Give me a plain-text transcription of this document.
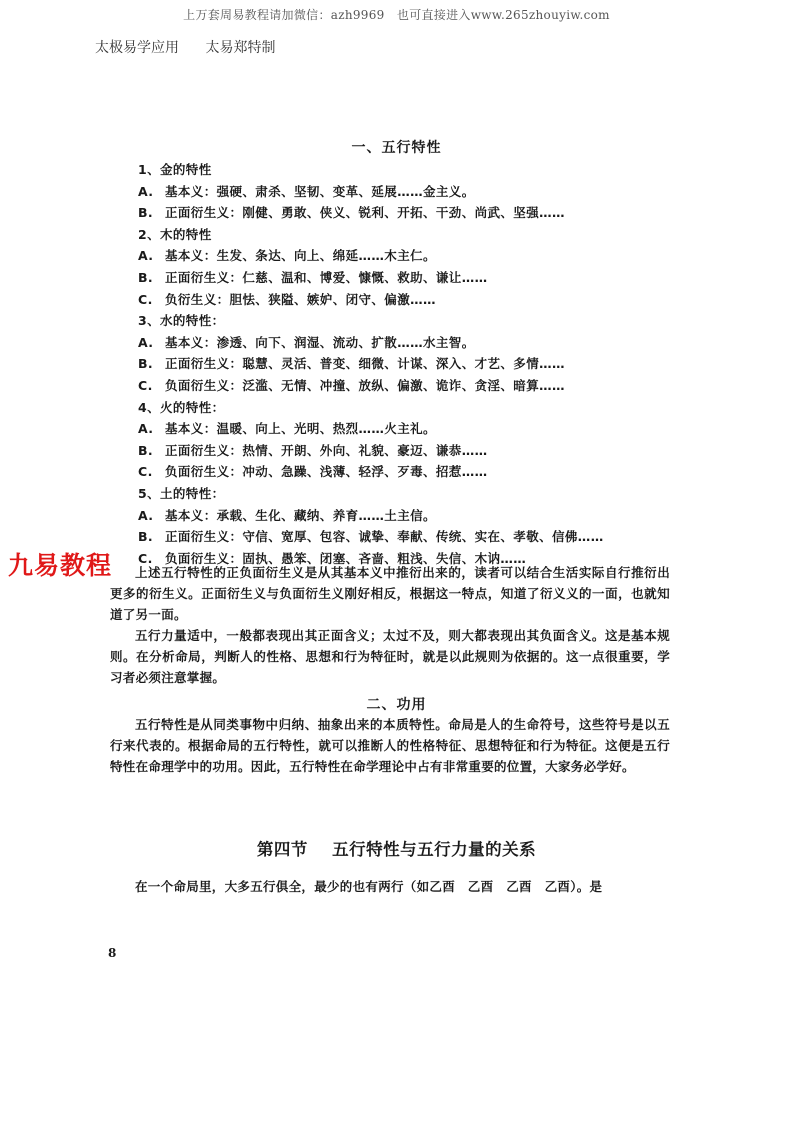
上万套周易教程请加微信：azh9969　也可直接进入www.265zhouyiw.com
太极易学应用 太易郑特制
一、五行特性
1、金的特性
A. 基本义：强硬、肃杀、坚韧、变革、延展……金主义。
B. 正面衍生义：刚健、勇敢、侠义、锐利、开拓、干劲、尚武、坚强……
2、木的特性
A. 基本义：生发、条达、向上、绵延……木主仁。
B. 正面衍生义：仁慈、温和、博爱、慷慨、救助、谦让……
C. 负衍生义：胆怯、狭隘、嫉妒、闭守、偏激……
3、水的特性：
A. 基本义：渗透、向下、润湿、流动、扩散……水主智。
B. 正面衍生义：聪慧、灵活、普变、细微、计谋、深入、才艺、多情……
C. 负面衍生义：泛滥、无情、冲撞、放纵、偏激、诡诈、贪淫、暗算……
4、火的特性：
A. 基本义：温暖、向上、光明、热烈……火主礼。
B. 正面衍生义：热情、开朗、外向、礼貌、豪迈、谦恭……
C. 负面衍生义：冲动、急躁、浅薄、轻浮、歹毒、招惹……
5、土的特性：
A. 基本义：承载、生化、藏纳、养育……土主信。
B. 正面衍生义：守信、宽厚、包容、诚挚、奉献、传统、实在、孝敬、信佛……
C. 负面衍生义：固执、愚笨、闭塞、吝啬、粗浅、失信、木讷……

上述五行特性的正负面衍生义是从其基本义中推衍出来的，读者可以结合生活实际自行推衍出更多的衍生义。正面衍生义与负面衍生义刚好相反，根据这一特点，知道了衍义义的一面，也就知道了另一面。

五行力量适中，一般都表现出其正面含义；太过不及，则大都表现出其负面含义。这是基本规则。在分析命局，判断人的性格、思想和行为特征时，就是以此规则为依据的。这一点很重要，学习者必须注意掌握。

二、功用

五行特性是从同类事物中归纳、抽象出来的本质特性。命局是人的生命符号，这些符号是以五行来代表的。根据命局的五行特性，就可以推断人的性格特征、思想特征和行为特征。这便是五行特性在命理学中的功用。因此，五行特性在命学理论中占有非常重要的位置，大家务必学好。

第四节 五行特性与五行力量的关系

在一个命局里，大多五行俱全，最少的也有两行（如乙酉　乙酉　乙酉　乙酉）。是

8
九易教程
